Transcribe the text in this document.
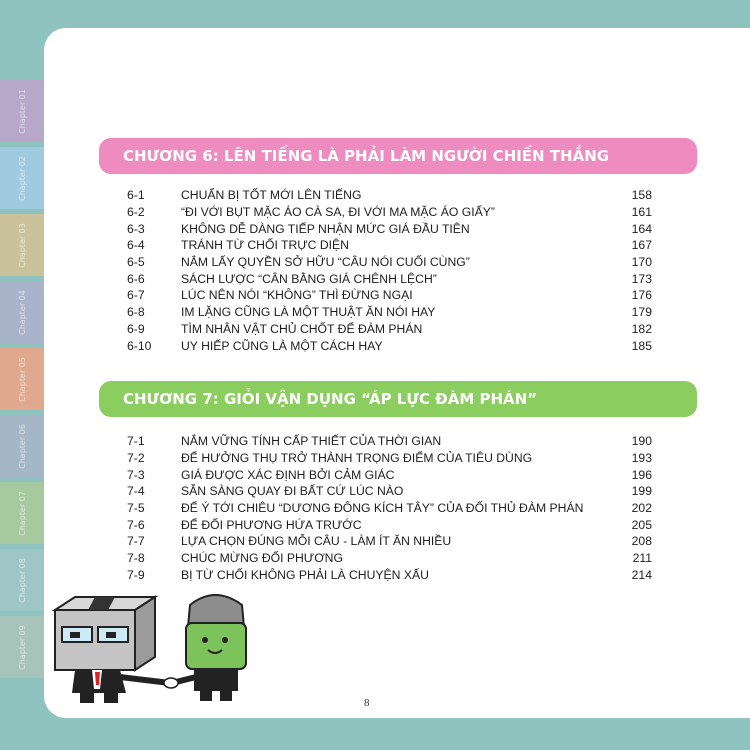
Chapter 01
Chapter 02
Chapter 03
Chapter 04
Chapter 05
Chapter 06
Chapter 07
Chapter 08
Chapter 09
CHƯƠNG 6: LÊN TIẾNG LÀ PHẢI LÀM NGƯỜI CHIẾN THẮNG
6-1	CHUẨN BỊ TỐT MỚI LÊN TIẾNG	158
6-2	“ĐI VỚI BỤT MẶC ÁO CÀ SA, ĐI VỚI MA MẶC ÁO GIẤY”	161
6-3	KHÔNG DỄ DÀNG TIẾP NHẬN MỨC GIÁ ĐẦU TIÊN	164
6-4	TRÁNH TỪ CHỐI TRỰC DIỆN	167
6-5	NẮM LẤY QUYỀN SỞ HỮU “CÂU NÓI CUỐI CÙNG”	170
6-6	SÁCH LƯỢC “CÂN BẰNG GIÁ CHÊNH LỆCH”	173
6-7	LÚC NÊN NÓI “KHÔNG” THÌ ĐỪNG NGẠI	176
6-8	IM LẶNG CŨNG LÀ MỘT THUẬT ĂN NÓI HAY	179
6-9	TÌM NHÂN VẬT CHỦ CHỐT ĐỂ ĐÀM PHÁN	182
6-10	UY HIẾP CŨNG LÀ MỘT CÁCH HAY	185
CHƯƠNG 7: GIỎI VẬN DỤNG “ÁP LỰC ĐÀM PHÁN”
7-1	NẮM VỮNG TÍNH CẤP THIẾT CỦA THỜI GIAN	190
7-2	ĐỂ HƯỞNG THỤ TRỞ THÀNH TRỌNG ĐIỂM CỦA TIÊU DÙNG	193
7-3	GIÁ ĐƯỢC XÁC ĐỊNH BỞI CẢM GIÁC	196
7-4	SẴN SÀNG QUAY ĐI BẤT CỨ LÚC NÀO	199
7-5	ĐỂ Ý TỚI CHIÊU “DƯƠNG ĐÔNG KÍCH TÂY” CỦA ĐỐI THỦ ĐÀM PHÁN	202
7-6	ĐỂ ĐỐI PHƯƠNG HỨA TRƯỚC	205
7-7	LỰA CHỌN ĐÚNG MỖI CÂU - LÀM ÍT ĂN NHIỀU	208
7-8	CHÚC MỪNG ĐỐI PHƯƠNG	211
7-9	BỊ TỪ CHỐI KHÔNG PHẢI LÀ CHUYỆN XẤU	214
8
